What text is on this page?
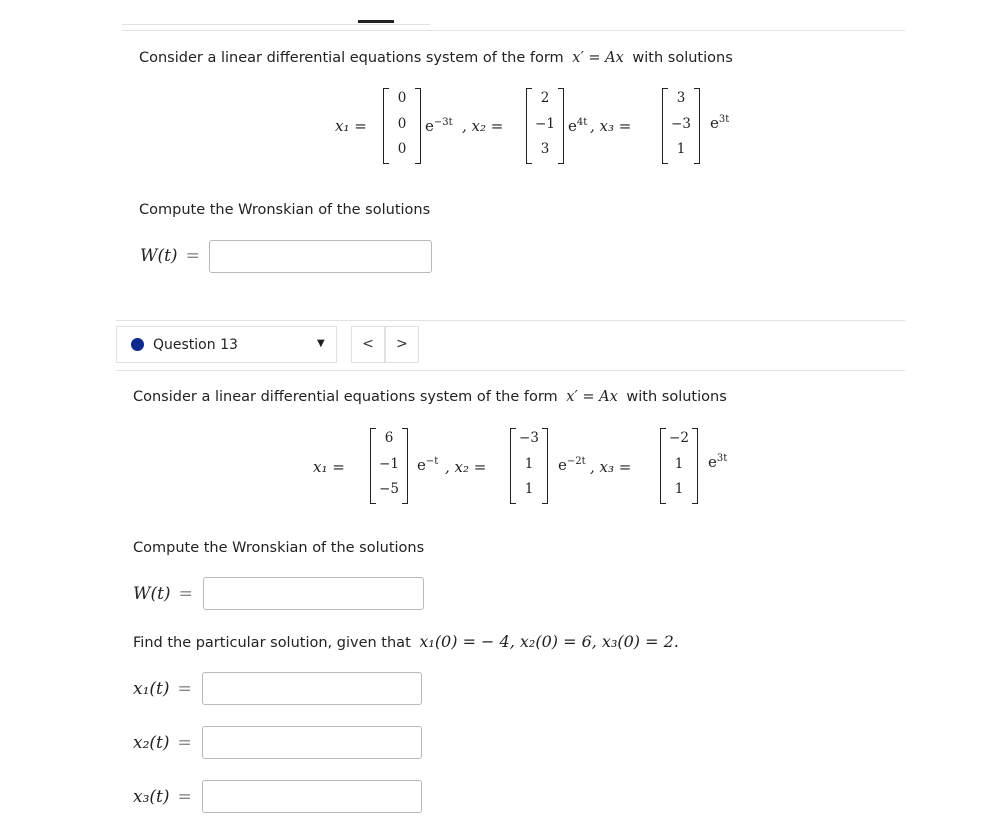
Consider a linear differential equations system of the form x′ = Ax with solutions
x₁ =
0
0
0
$e^{-3t}$ , x₂ =
2
−1
3
$e^{4t}$ , x₃ =
3
−3
1
$e^{3t}$
Compute the Wronskian of the solutions
W(t) =
Question 13	▼	<	>
Consider a linear differential equations system of the form x′ = Ax with solutions
x₁ =
6
−1
−5
$e^{-t}$ , x₂ =
−3
1
1
$e^{-2t}$ , x₃ =
−2
1
1
$e^{3t}$
Compute the Wronskian of the solutions
W(t) =
Find the particular solution, given that x₁(0) = − 4, x₂(0) = 6, x₃(0) = 2.
x₁(t) =
x₂(t) =
x₃(t) =
